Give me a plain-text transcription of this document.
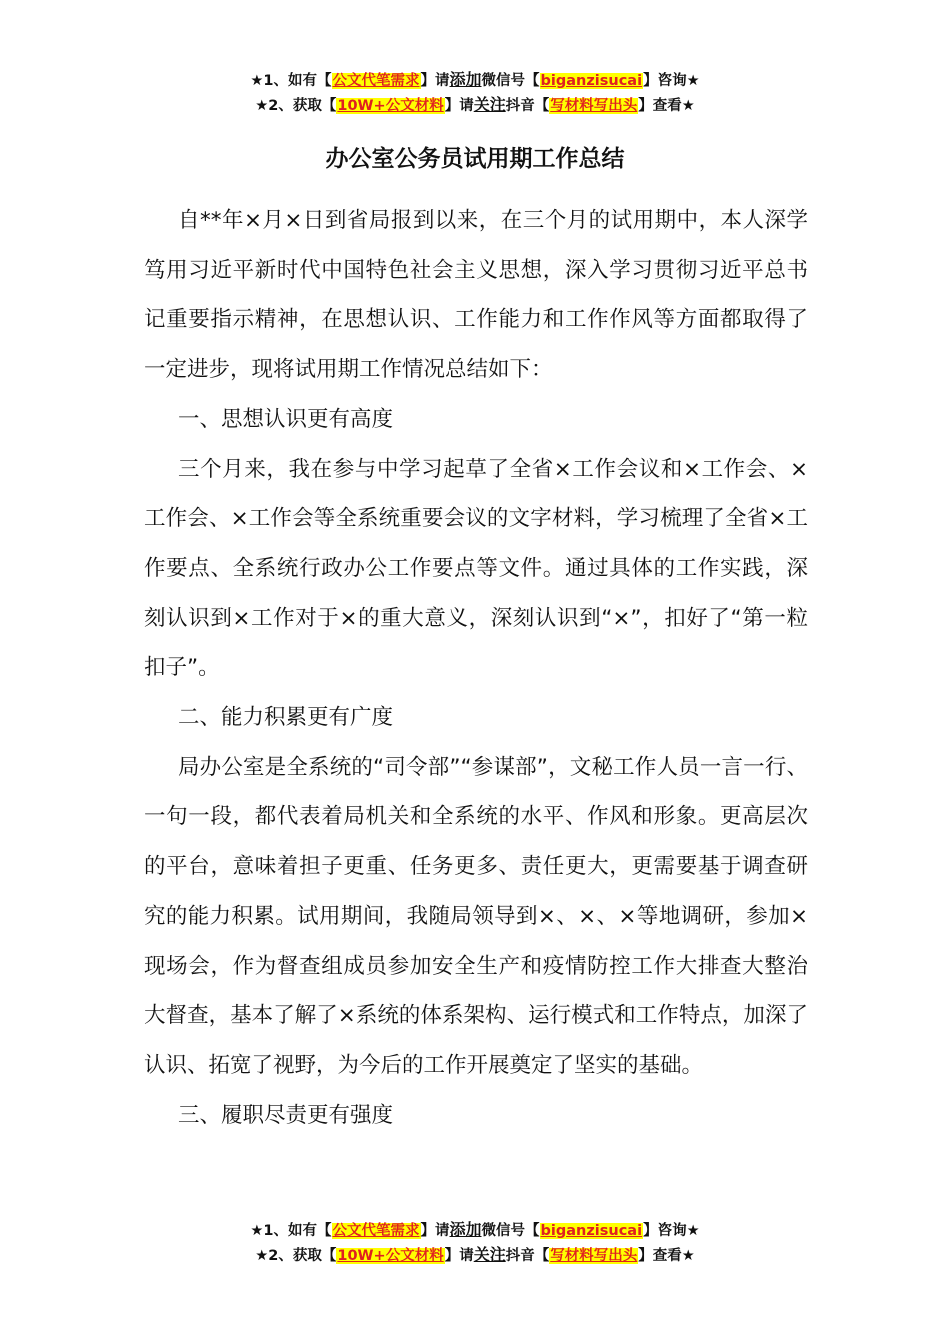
★1、如有【公文代笔需求】请添加微信号【biganzisucai】咨询★
★2、获取【10W+公文材料】请关注抖音【写材料写出头】查看★
办公室公务员试用期工作总结

自**年×月×日到省局报到以来，在三个月的试用期中，本人深学笃用习近平新时代中国特色社会主义思想，深入学习贯彻习近平总书记重要指示精神，在思想认识、工作能力和工作作风等方面都取得了一定进步，现将试用期工作情况总结如下：

一、思想认识更有高度

三个月来，我在参与中学习起草了全省×工作会议和×工作会、×工作会、×工作会等全系统重要会议的文字材料，学习梳理了全省×工作要点、全系统行政办公工作要点等文件。通过具体的工作实践，深刻认识到×工作对于×的重大意义，深刻认识到“×”，扣好了“第一粒扣子”。

二、能力积累更有广度

局办公室是全系统的“司令部”“参谋部”，文秘工作人员一言一行、一句一段，都代表着局机关和全系统的水平、作风和形象。更高层次的平台，意味着担子更重、任务更多、责任更大，更需要基于调查研究的能力积累。试用期间，我随局领导到×、×、×等地调研，参加×现场会，作为督查组成员参加安全生产和疫情防控工作大排查大整治大督查，基本了解了×系统的体系架构、运行模式和工作特点，加深了认识、拓宽了视野，为今后的工作开展奠定了坚实的基础。

三、履职尽责更有强度

★1、如有【公文代笔需求】请添加微信号【biganzisucai】咨询★
★2、获取【10W+公文材料】请关注抖音【写材料写出头】查看★
